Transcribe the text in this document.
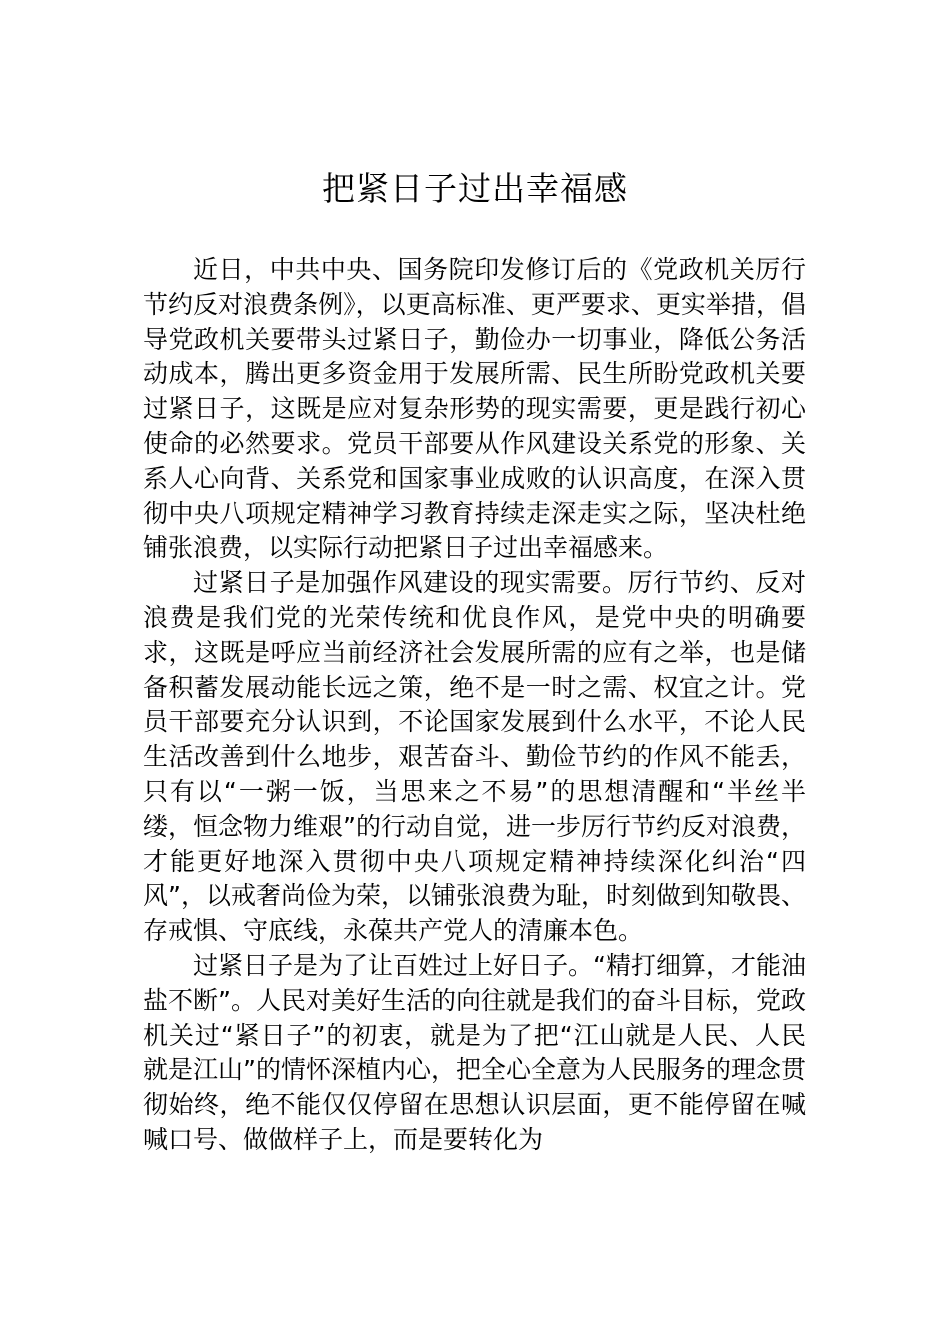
把紧日子过出幸福感

近日，中共中央、国务院印发修订后的《党政机关厉行节约反对浪费条例》，以更高标准、更严要求、更实举措，倡导党政机关要带头过紧日子，勤俭办一切事业，降低公务活动成本，腾出更多资金用于发展所需、民生所盼党政机关要过紧日子，这既是应对复杂形势的现实需要，更是践行初心使命的必然要求。党员干部要从作风建设关系党的形象、关系人心向背、关系党和国家事业成败的认识高度，在深入贯彻中央八项规定精神学习教育持续走深走实之际，坚决杜绝铺张浪费，以实际行动把紧日子过出幸福感来。

过紧日子是加强作风建设的现实需要。厉行节约、反对浪费是我们党的光荣传统和优良作风，是党中央的明确要求，这既是呼应当前经济社会发展所需的应有之举，也是储备积蓄发展动能长远之策，绝不是一时之需、权宜之计。党员干部要充分认识到，不论国家发展到什么水平，不论人民生活改善到什么地步，艰苦奋斗、勤俭节约的作风不能丢，只有以“一粥一饭，当思来之不易”的思想清醒和“半丝半缕，恒念物力维艰”的行动自觉，进一步厉行节约反对浪费，才能更好地深入贯彻中央八项规定精神持续深化纠治“四风”，以戒奢尚俭为荣，以铺张浪费为耻，时刻做到知敬畏、存戒惧、守底线，永葆共产党人的清廉本色。

过紧日子是为了让百姓过上好日子。“精打细算，才能油盐不断”。人民对美好生活的向往就是我们的奋斗目标，党政机关过“紧日子”的初衷，就是为了把“江山就是人民、人民就是江山”的情怀深植内心，把全心全意为人民服务的理念贯彻始终，绝不能仅仅停留在思想认识层面，更不能停留在喊喊口号、做做样子上，而是要转化为
